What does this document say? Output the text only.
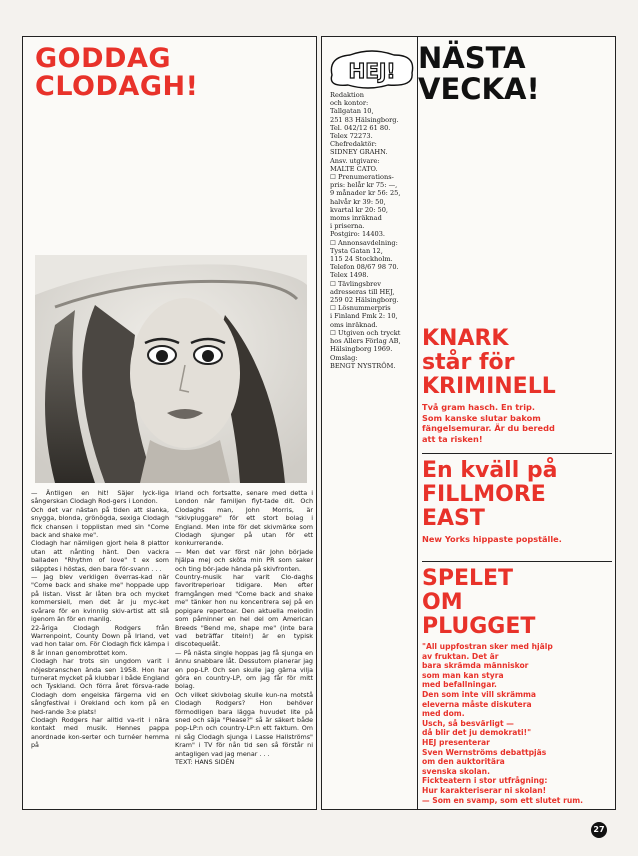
GODDAG
CLODAGH!

— Äntligen en hit! Säjer lyck-liga sångerskan Clodagh Rod-gers i London.

Och det var nästan på tiden att slanka, snygga, blonda, grönögda, sexiga Clodagh fick chansen i topplistan med sin "Come back and shake me".

Clodagh har nämligen gjort hela 8 plattor utan att nånting hänt. Den vackra balladen "Rhythm of love" t ex som släpptes i höstas, den bara för-svann . . .

— Jag blev verkligen överras-kad när "Come back and shake me" hoppade upp på listan. Visst är låten bra och mycket kommersiell, men det är ju myc-ket svårare för en kvinnlig skiv-artist att slå igenom än för en manlig.

22-åriga Clodagh Rodgers från Warrenpoint, County Down på Irland, vet vad hon talar om. För Clodagh fick kämpa i 8 år innan genombrottet kom.

Clodagh har trots sin ungdom varit i nöjesbranschen ända sen 1958. Hon har turnerat mycket på klubbar i både England och Tyskland. Och förra året försva-rade Clodagh dom engelska färgerna vid en sångfestival i Orekland och kom på en hed-rande 3:e plats!

Clodagh Rodgers har alltid va-rit i nära kontakt med musik. Hennes pappa anordnade kon-serter och turnéer hemma på

Irland och fortsatte, senare med detta i London när familjen flyt-tade dit. Och Clodaghs man, John Morris, är "skivpluggare" för ett stort bolag i England. Men inte för det skivmärke som Clodagh sjunger på utan för ett konkurrerande.

— Men det var först när John började hjälpa mej och sköta min PR som saker och ting bör-jade hända på skivfronten.

Country-musik har varit Clo-daghs favoritreperioar tidigare. Men efter framgången med "Come back and shake me" tänker hon nu koncentrera sej på en popigare repertoar. Den aktuella melodin som påminner en hel del om American Breeds "Bend me, shape me" (inte bara vad beträffar titeln!) är en typisk discotequelåt.

— På nästa single hoppas jag få sjunga en ännu snabbare låt. Dessutom planerar jag en pop-LP. Och sen skulle jag gärna vilja göra en country-LP, om jag får för mitt bolag.

Och vilket skivbolag skulle kun-na motstå Clodagh Rodgers? Hon behöver förmodligen bara lägga huvudet lite på sned och säja "Please?" så är säkert både pop-LP:n och country-LP:n ett faktum. Om ni såg Clodagh sjunga i Lasse Hallströms" Kram" i TV för nån tid sen så förstår ni antagligen vad jag menar . . .

TEXT: HANS SIDÉN

HEJ! NÄSTA
VECKA!
Redaktion
och kontor:
Tallgatan 10,
251 83 Hälsingborg.
Tel. 042/12 61 80.
Telex 72273.
Chefredaktör:
SIDNEY GRAHN.
Ansv. utgivare:
MALTE CATO.
☐ Prenumerations-
pris: helår kr 75: —,
9 månader kr 56: 25,
halvår kr 39: 50,
kvartal kr 20: 50,
moms inräknad
i priserna.
Postgiro: 14403.
☐ Annonsavdelning:
Tysta Gatan 12,
115 24 Stockholm.
Telefon 08/67 98 70.
Telex 1498.
☐ Tävlingsbrev
adresseras till HEJ,
259 02 Hälsingborg.
☐ Lösnummerpris
i Finland Fmk 2: 10,
oms inräknad.
☐ Utgiven och tryckt
hos Allers Förlag AB,
Hälsingborg 1969.
Omslag:
BENGT NYSTRÖM.
KNARK
står för
KRIMINELL
Två gram hasch. En trip.
Som kanske slutar bakom
fängelsemurar. Är du beredd
att ta risken!
En kväll på
FILLMORE
EAST
New Yorks hippaste popställe.
SPELET
OM
PLUGGET
"All uppfostran sker med hjälp
av fruktan. Det är
bara skrämda människor
som man kan styra
med befallningar.
Den som inte vill skrämma
eleverna måste diskutera
med dom.
Usch, så besvärligt —
då blir det ju demokrati!"
HEJ presenterar
Sven Wernströms debattpjäs
om den auktoritära
svenska skolan.
Fickteatern i stor utfrågning:
Hur karakteriserar ni skolan!
— Som en svamp, som ett slutet rum.
27
